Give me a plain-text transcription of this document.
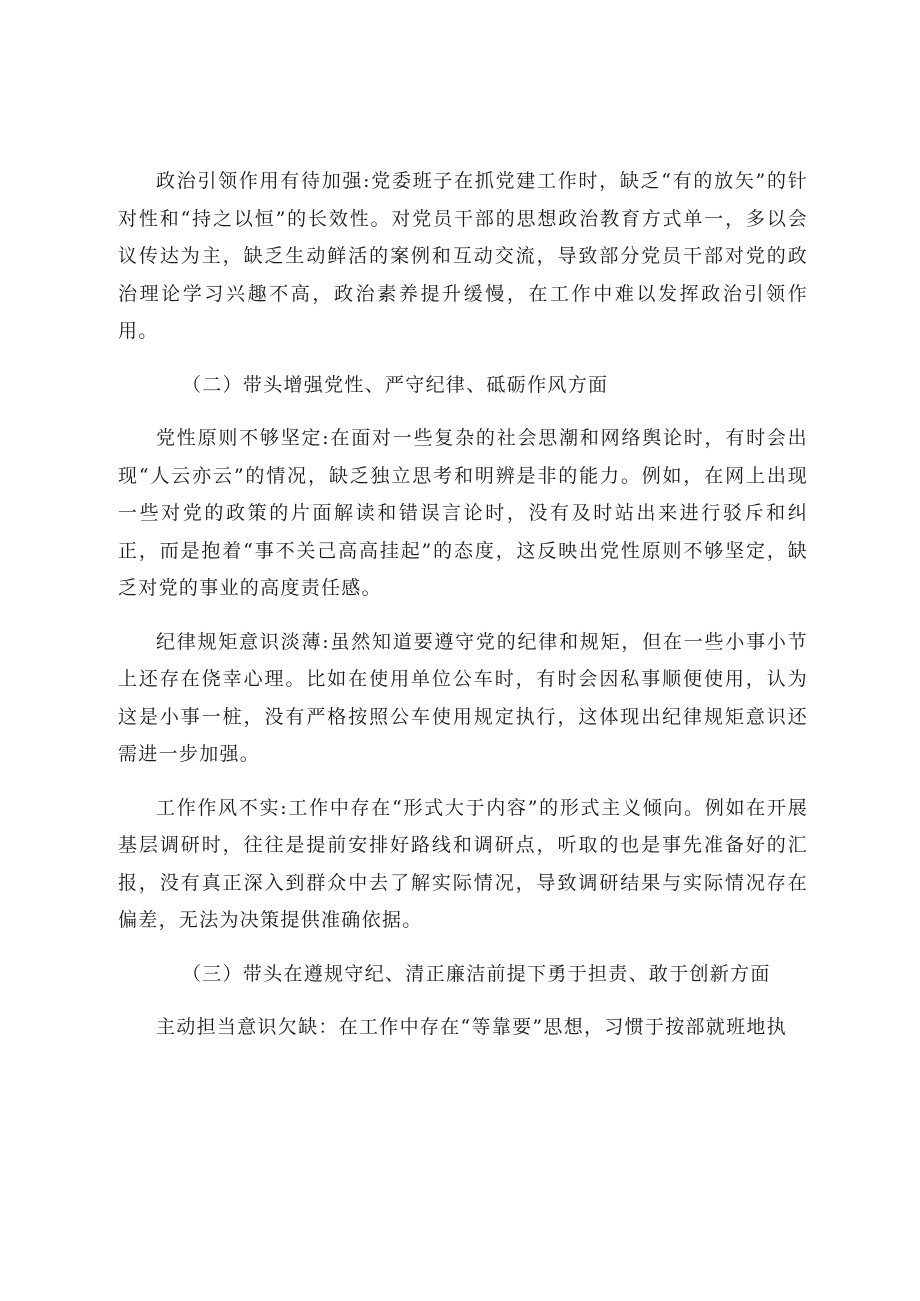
政治引领作用有待加强:党委班子在抓党建工作时，缺乏“有的放矢”的针对性和“持之以恒”的长效性。对党员干部的思想政治教育方式单一，多以会议传达为主，缺乏生动鲜活的案例和互动交流，导致部分党员干部对党的政治理论学习兴趣不高，政治素养提升缓慢，在工作中难以发挥政治引领作用。

（二）带头增强党性、严守纪律、砥砺作风方面

党性原则不够坚定:在面对一些复杂的社会思潮和网络舆论时，有时会出现“人云亦云”的情况，缺乏独立思考和明辨是非的能力。例如，在网上出现一些对党的政策的片面解读和错误言论时，没有及时站出来进行驳斥和纠正，而是抱着“事不关己高高挂起”的态度，这反映出党性原则不够坚定，缺乏对党的事业的高度责任感。

纪律规矩意识淡薄:虽然知道要遵守党的纪律和规矩，但在一些小事小节上还存在侥幸心理。比如在使用单位公车时，有时会因私事顺便使用，认为这是小事一桩，没有严格按照公车使用规定执行，这体现出纪律规矩意识还需进一步加强。

工作作风不实:工作中存在“形式大于内容”的形式主义倾向。例如在开展基层调研时，往往是提前安排好路线和调研点，听取的也是事先准备好的汇报，没有真正深入到群众中去了解实际情况，导致调研结果与实际情况存在偏差，无法为决策提供准确依据。

（三）带头在遵规守纪、清正廉洁前提下勇于担责、敢于创新方面

主动担当意识欠缺：在工作中存在“等靠要”思想，习惯于按部就班地执
